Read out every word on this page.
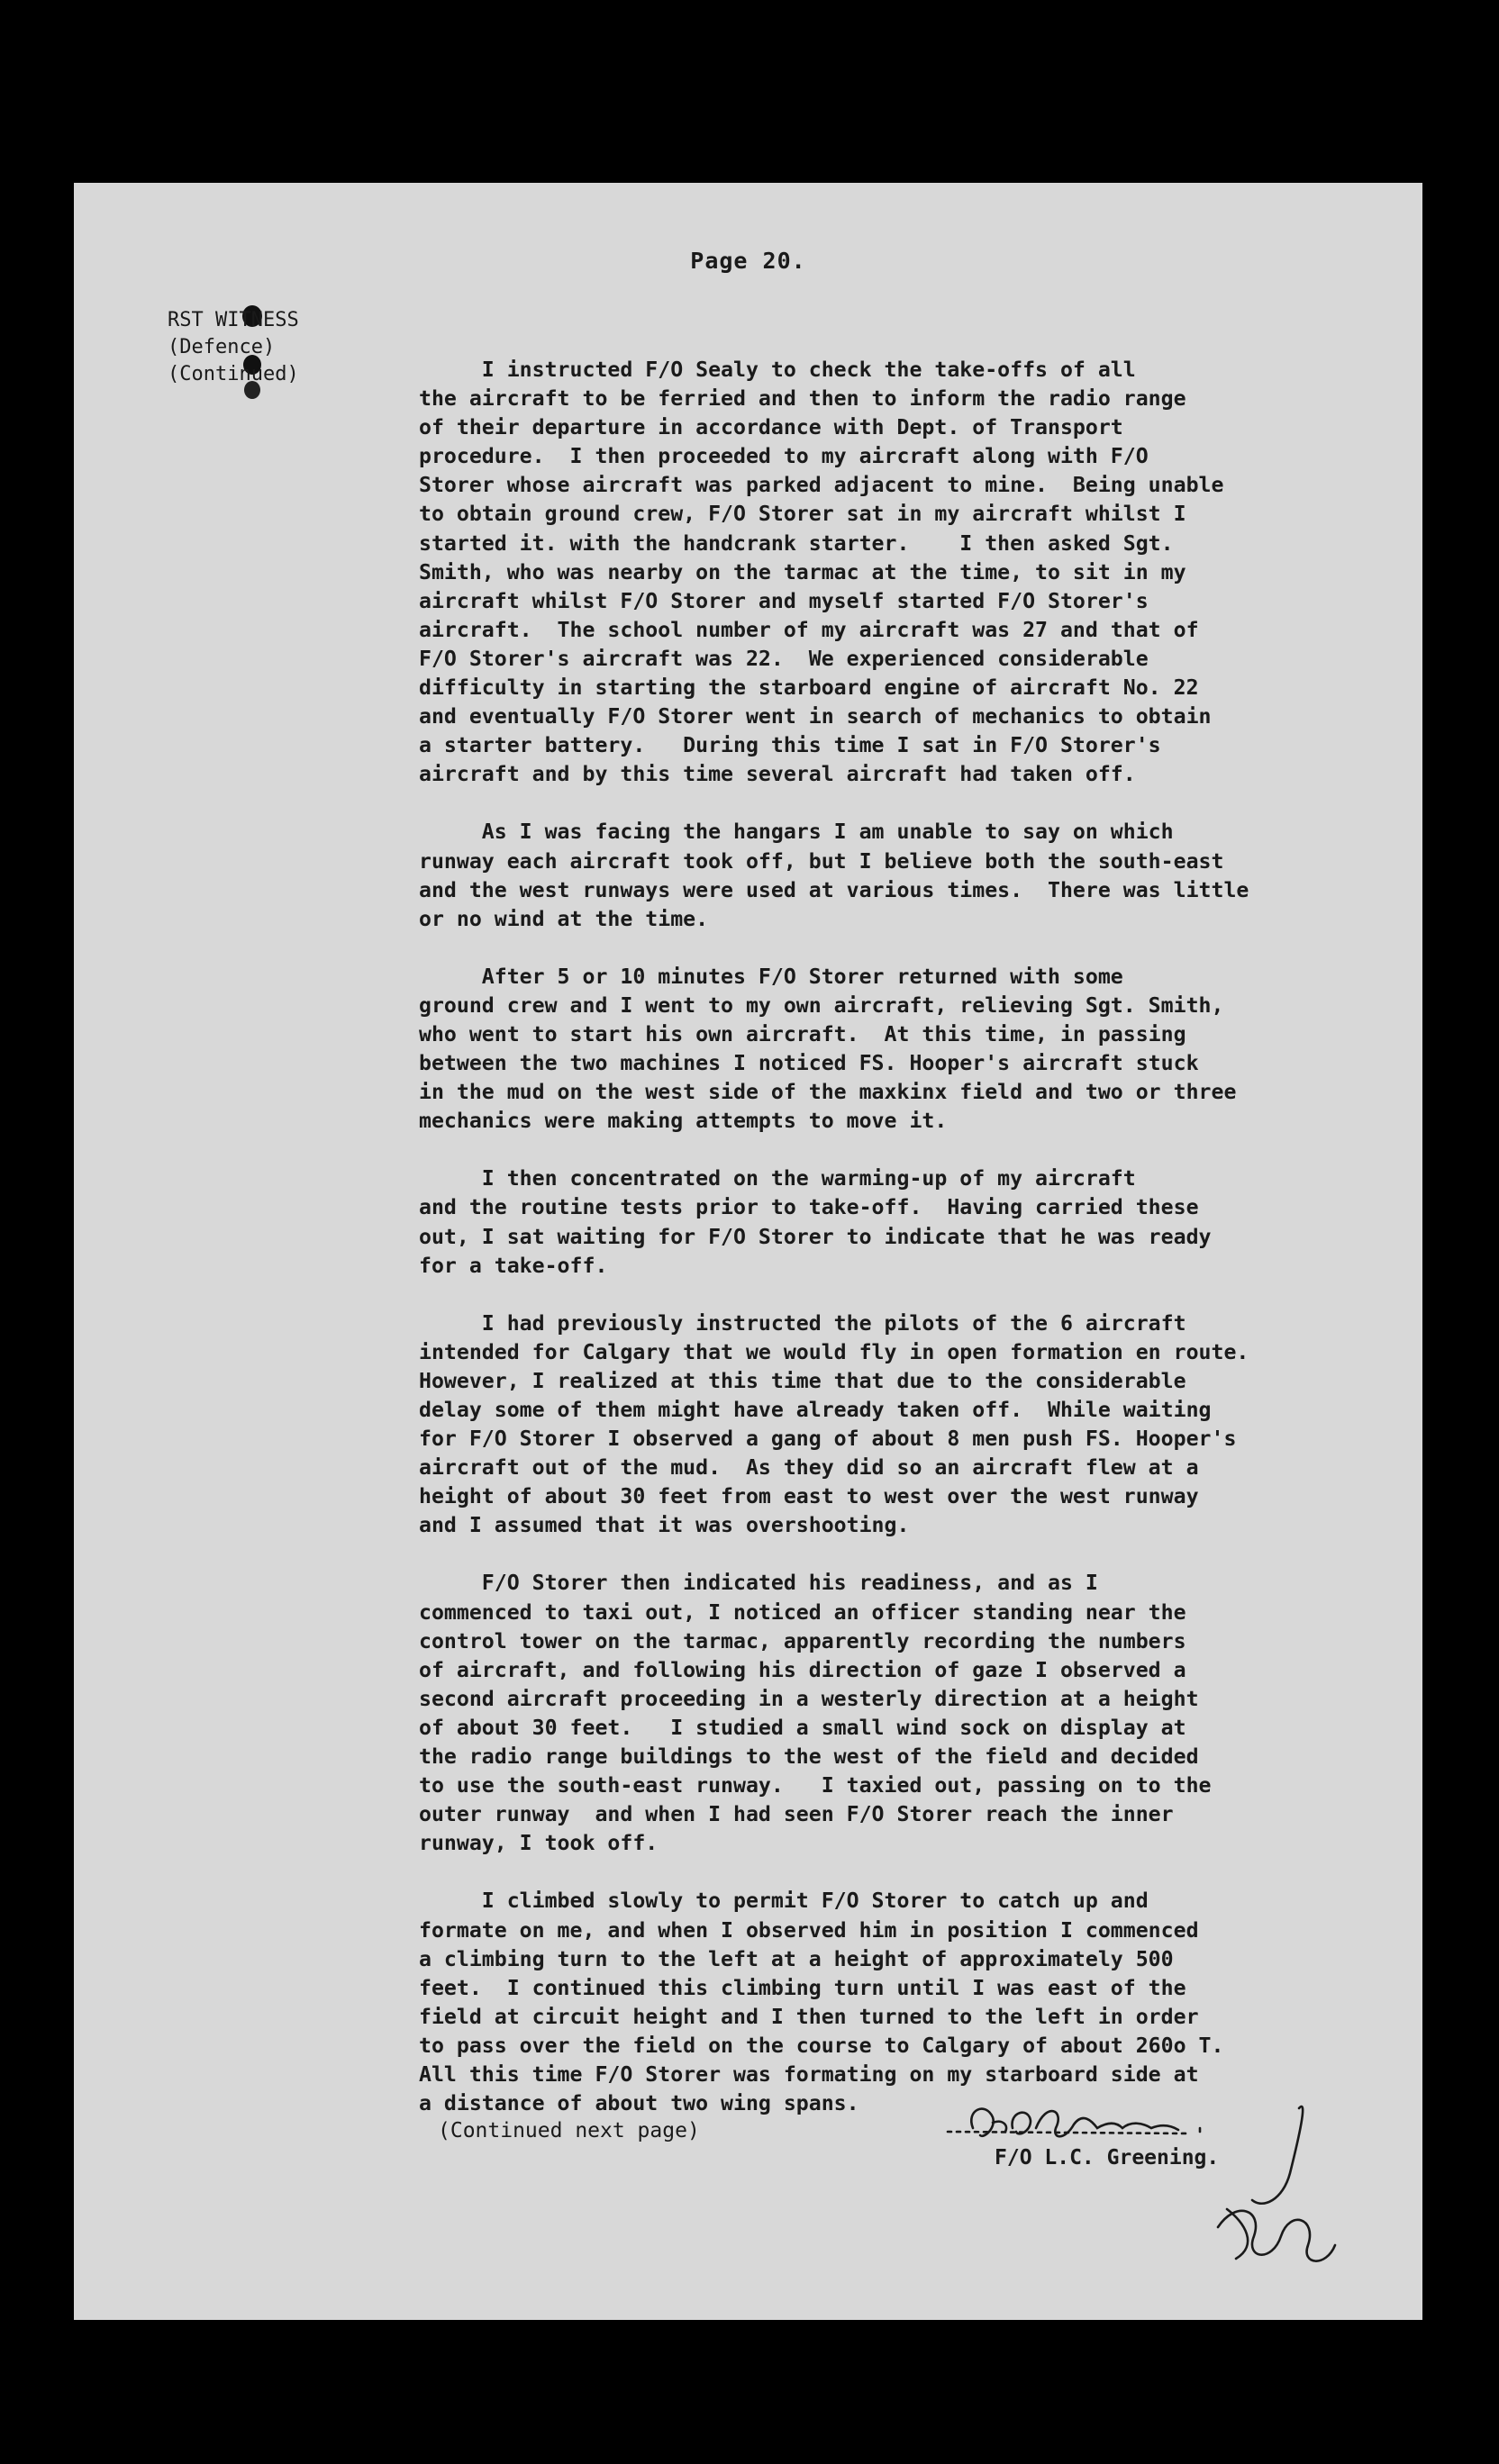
Page 20.
RST WITNESS
(Defence)
(Continued)	I instructed F/O Sealy to check the take-offs of all
the aircraft to be ferried and then to inform the radio range
of their departure in accordance with Dept. of Transport
procedure.  I then proceeded to my aircraft along with F/O
Storer whose aircraft was parked adjacent to mine.  Being unable
to obtain ground crew, F/O Storer sat in my aircraft whilst I
started it. with the handcrank starter.    I then asked Sgt.
Smith, who was nearby on the tarmac at the time, to sit in my
aircraft whilst F/O Storer and myself started F/O Storer's
aircraft.  The school number of my aircraft was 27 and that of
F/O Storer's aircraft was 22.  We experienced considerable
difficulty in starting the starboard engine of aircraft No. 22
and eventually F/O Storer went in search of mechanics to obtain
a starter battery.   During this time I sat in F/O Storer's
aircraft and by this time several aircraft had taken off.
As I was facing the hangars I am unable to say on which
runway each aircraft took off, but I believe both the south-east
and the west runways were used at various times.  There was little
or no wind at the time.
After 5 or 10 minutes F/O Storer returned with some
ground crew and I went to my own aircraft, relieving Sgt. Smith,
who went to start his own aircraft.  At this time, in passing
between the two machines I noticed FS. Hooper's aircraft stuck
in the mud on the west side of the maxkinx field and two or three
mechanics were making attempts to move it.
I then concentrated on the warming-up of my aircraft
and the routine tests prior to take-off.  Having carried these
out, I sat waiting for F/O Storer to indicate that he was ready
for a take-off.
I had previously instructed the pilots of the 6 aircraft
intended for Calgary that we would fly in open formation en route.
However, I realized at this time that due to the considerable
delay some of them might have already taken off.  While waiting
for F/O Storer I observed a gang of about 8 men push FS. Hooper's
aircraft out of the mud.  As they did so an aircraft flew at a
height of about 30 feet from east to west over the west runway
and I assumed that it was overshooting.
F/O Storer then indicated his readiness, and as I
commenced to taxi out, I noticed an officer standing near the
control tower on the tarmac, apparently recording the numbers
of aircraft, and following his direction of gaze I observed a
second aircraft proceeding in a westerly direction at a height
of about 30 feet.   I studied a small wind sock on display at
the radio range buildings to the west of the field and decided
to use the south-east runway.   I taxied out, passing on to the
outer runway  and when I had seen F/O Storer reach the inner
runway, I took off.
I climbed slowly to permit F/O Storer to catch up and
formate on me, and when I observed him in position I commenced
a climbing turn to the left at a height of approximately 500
feet.  I continued this climbing turn until I was east of the
field at circuit height and I then turned to the left in order
to pass over the field on the course to Calgary of about 260o T.
All this time F/O Storer was formating on my starboard side at
a distance of about two wing spans.
(Continued next page)
F/O L.C. Greening.
